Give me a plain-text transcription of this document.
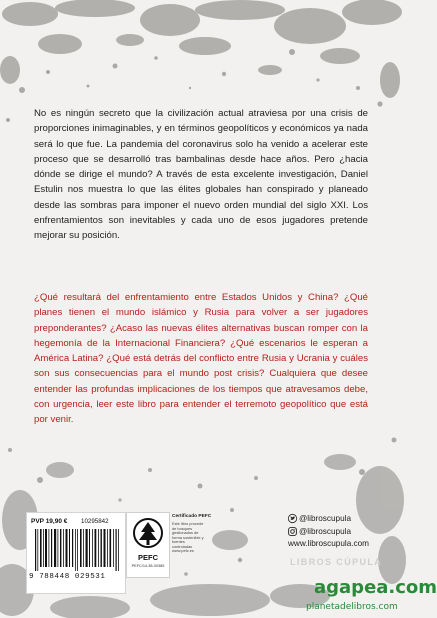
No es ningún secreto que la civilización actual atraviesa por una crisis de proporciones inimaginables, y en términos geopolíticos y económicos ya nada será lo que fue. La pandemia del coronavirus solo ha venido a acelerar este proceso que se desarrolló tras bambalinas desde hace años. Pero ¿hacia dónde se dirige el mundo? A través de esta excelente investigación, Daniel Estulin nos muestra lo que las élites globales han conspirado y planeado desde las sombras para imponer el nuevo orden mundial del siglo XXI. Los enfrentamientos son inevitables y cada uno de esos jugadores pretende mejorar su posición.

¿Qué resultará del enfrentamiento entre Estados Unidos y China? ¿Qué planes tienen el mundo islámico y Rusia para volver a ser jugadores preponderantes? ¿Acaso las nuevas élites alternativas buscan romper con la hegemonía de la Internacional Financiera? ¿Qué escenarios le esperan a América Latina? ¿Qué está detrás del conflicto entre Rusia y Ucrania y cuáles son sus consecuencias para el mundo post crisis? Cualquiera que desee entender las profundas implicaciones de los tiempos que atravesamos debe, con urgencia, leer este libro para entender el terremoto geopolítico que está por venir.

PVP 19,90 € 10295842
9 788448 029531
PEFC
PEFC/14-38-00385
Certificado PEFC
Este libro procede de bosques gestionados de forma sostenible y fuentes controladas
www.pefc.es
@libroscupula
@libroscupula
www.libroscupula.com
LIBROS CÚPULA
agapea.com
planetadelibros.com
